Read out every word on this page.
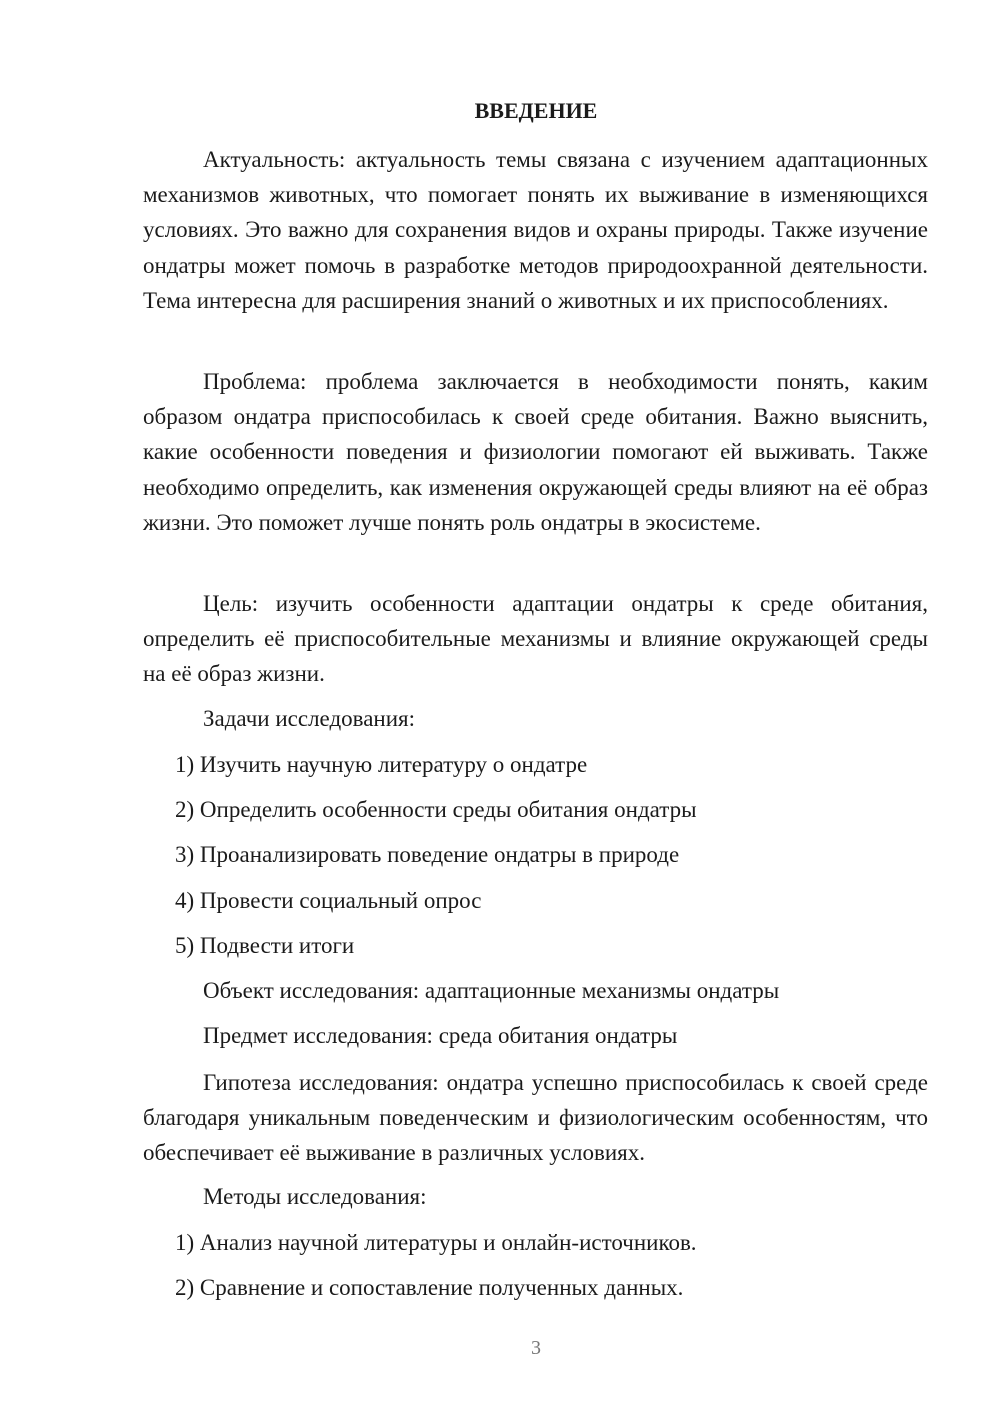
ВВЕДЕНИЕ

Актуальность: актуальность темы связана с изучением адаптационных механизмов животных, что помогает понять их выживание в изменяющихся условиях. Это важно для сохранения видов и охраны природы. Также изучение ондатры может помочь в разработке методов природоохранной деятельности. Тема интересна для расширения знаний о животных и их приспособлениях.

Проблема: проблема заключается в необходимости понять, каким образом ондатра приспособилась к своей среде обитания. Важно выяснить, какие особенности поведения и физиологии помогают ей выживать. Также необходимо определить, как изменения окружающей среды влияют на её образ жизни. Это поможет лучше понять роль ондатры в экосистеме.

Цель: изучить особенности адаптации ондатры к среде обитания, определить её приспособительные механизмы и влияние окружающей среды на её образ жизни.

Задачи исследования:
1) Изучить научную литературу о ондатре
2) Определить особенности среды обитания ондатры
3) Проанализировать поведение ондатры в природе
4) Провести социальный опрос
5) Подвести итоги
Объект исследования: адаптационные механизмы ондатры
Предмет исследования: среда обитания ондатры

Гипотеза исследования: ондатра успешно приспособилась к своей среде благодаря уникальным поведенческим и физиологическим особенностям, что обеспечивает её выживание в различных условиях.

Методы исследования:
1) Анализ научной литературы и онлайн-источников.
2) Сравнение и сопоставление полученных данных.
3
